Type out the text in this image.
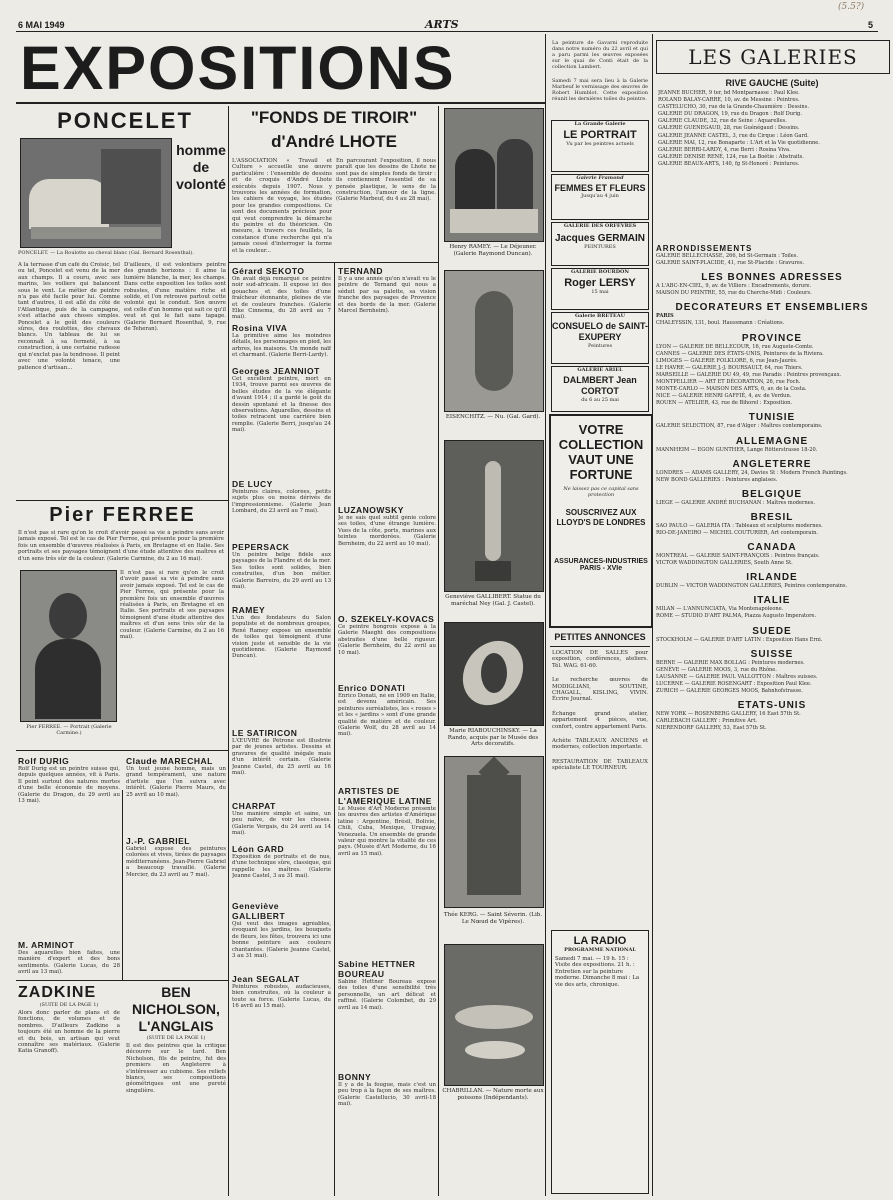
6 MAI 1949	ARTS	5
(5.5?)
EXPOSITIONS
PONCELET
homme de volonté
PONCELET. — La Roulotte au cheval blanc (Gal. Bernard Rosenthal).
A la terrasse d'un café du Croisic, tel ou tel, Poncelet est venu de la mer aux champs. Il a couru, avec ses marins, les voiliers qui balancent sous le vent. Le métier de peintre n'a pas été facile pour lui. Comme tant d'autres, il est allé du côté de l'Atlantique, puis de la campagne, s'est attaché aux choses simples. Poncelet a le goût des couleurs sûres, des roulottes, des chevaux blancs. Un tableau de lui se reconnaît à sa fermeté, à sa construction, à une certaine rudesse qui n'exclut pas la tendresse. Il peint avec une volonté tenace, une patience d'artisan...
D'ailleurs, il est volontiers peintre des grands horizons : il aime la lumière blanche, la mer, les champs. Dans cette exposition les toiles sont robustes, d'une matière riche et solide, et l'on retrouve partout cette volonté qui le conduit. Son œuvre est celle d'un homme qui sait ce qu'il veut et qui le fait sans tapage. (Galerie Bernard Rosenthal, 9, rue de Teheran).
Pier FERREE
Pier FERREE. — Portrait (Galerie Carmine.)
Il n'est pas si rare qu'on le croit d'avoir passé sa vie à peindre sans avoir jamais exposé. Tel est le cas de Pier Ferree, qui présente pour la première fois un ensemble d'œuvres réalisées à Paris, en Bretagne et en Italie. Ses portraits et ses paysages témoignent d'une étude attentive des maîtres et d'un sens très sûr de la couleur. (Galerie Carmine, du 2 au 16 mai).
Il n'est pas si rare qu'on le croit d'avoir passé sa vie à peindre sans avoir jamais exposé. Tel est le cas de Pier Ferree, qui présente pour la première fois un ensemble d'œuvres réalisées à Paris, en Bretagne et en Italie. Ses portraits et ses paysages témoignent d'une étude attentive des maîtres et d'un sens très sûr de la couleur. (Galerie Carmine, du 2 au 16 mai).
Rolf DURIG
Rolf Durig est un peintre suisse qui, depuis quelques années, vit à Paris. Il peint surtout des natures mortes d'une belle économie de moyens. (Galerie du Dragon, du 29 avril au 13 mai).
M. ARMINOT
Des aquarelles bien faites, une manière d'expert et des bons sentiments. (Galerie Lucas, du 28 avril au 13 mai).
Claude MARECHAL
Un tout jeune homme, mais un grand tempérament, une nature d'artiste que l'on suivra avec intérêt. (Galerie Pierre Maurs, du 25 avril au 10 mai).
J.-P. GABRIEL
Gabriel expose des peintures colorées et vives, tirées de paysages méditerranéens. Jean-Pierre Gabriel a beaucoup travaillé. (Galerie Mercier, du 23 avril au 7 mai).
ZADKINE
(SUITE DE LA PAGE 1)
Alors donc parler de plans et de fonctions, de volumes et de nombres. D'ailleurs Zadkine a toujours été un homme de la pierre et du bois, un artisan qui veut connaître ses matériaux. (Galerie Katia Granoff).
BEN NICHOLSON, L'ANGLAIS
(SUITE DE LA PAGE 1)
Il est des peintres que la critique découvre sur le tard. Ben Nicholson, fils de peintre, fut des premiers en Angleterre à s'intéresser au cubisme. Ses reliefs blancs, ses compositions géométriques ont une pureté singulière.
"FONDS DE TIROIR"
d'André LHOTE
L'ASSOCIATION « Travail et Culture » accueille une œuvre particulière : l'ensemble de dessins et de croquis d'André Lhote exécutés depuis 1907. Nous y trouvons les années de formation, les cahiers de voyage, les études pour les grandes compositions. Ce sont des documents précieux pour qui veut comprendre la démarche du peintre et du théoricien. On mesure, à travers ces feuillets, la constance d'une recherche qui n'a jamais cessé d'interroger la forme et la couleur...
En parcourant l'exposition, il nous paraît que les dessins de Lhote ne sont pas de simples fonds de tiroir : ils contiennent l'essentiel de sa pensée plastique, le sens de la construction, l'amour de la ligne. (Galerie Marbeuf, du 4 au 28 mai).
Gérard SEKOTO
On avait déjà remarqué ce peintre noir sud-africain. Il expose ici des gouaches et des toiles d'une fraîcheur étonnante, pleines de vie et de couleurs franches. (Galerie Elke Cinnema, du 28 avril au 7 mai).
Rosina VIVA
La primitive aime les moindres détails, les personnages en pied, les arbres, les maisons. Un monde naïf et charmant. (Galerie Berri-Lardy).
Georges JEANNIOT
Cet excellent peintre, mort en 1934, trouve parmi ses œuvres de belles études de la vie élégante d'avant 1914 ; il a gardé le goût du dessin spontané et la finesse des observations. Aquarelles, dessins et toiles retracent une carrière bien remplie. (Galerie Berri, jusqu'au 24 mai).
DE LUCY
Peintures claires, colorées, petits sujets plus ou moins dérivés de l'impressionnisme. (Galerie Jean Lombard, du 23 avril au 7 mai).
PEPERSACK
Un peintre belge fidèle aux paysages de la Flandre et de la mer. Ses toiles sont solides, bien construites, d'un bon métier. (Galerie Barreiro, du 29 avril au 13 mai).
RAMEY
L'un des fondateurs du Salon populiste et de nombreux groupes, René Ramey expose un ensemble de toiles qui témoignent d'une vision juste et sensible de la vie quotidienne. (Galerie Raymond Duncan).
LE SATIRICON
L'ŒUVRE de Pétrone est illustrée par de jeunes artistes. Dessins et gravures de qualité inégale mais d'un intérêt certain. (Galerie Jeanne Castel, du 25 avril au 16 mai).
CHARPAT
Une manière simple et saine, un peu naïve, de voir les choses. (Galerie Vergais, du 24 avril au 14 mai).
Léon GARD
Exposition de portraits et de nus, d'une technique sûre, classique, qui rappelle les maîtres. (Galerie Jeanne Castel, 3 au 31 mai).
Geneviève GALLIBERT
Qui veut des images agréables, évoquant les jardins, les bouquets de fleurs, les fêtes, trouvera ici une bonne peinture aux couleurs chantantes. (Galerie Jeanne Castel, 3 au 31 mai).
Jean SEGALAT
Peintures robustes, audacieuses, bien construites, où la couleur a toute sa force. (Galerie Lucas, du 16 avril au 15 mai).
TERNAND
Il y a une année qu'on n'avait vu le peintre de Ternand qui nous a séduit par sa palette, sa vision franche des paysages de Provence et des bords de la mer. (Galerie Marcel Bernheim).
LUZANOWSKY
Je ne sais quel subtil génie colore ses toiles, d'une étrange lumière. Vues de la côte, ports, marines aux teintes mordorées. (Galerie Bernheim, du 22 avril au 10 mai).
O. SZEKELY-KOVACS
Ce peintre hongrois expose à la Galerie Maeght des compositions abstraites d'une belle rigueur. (Galerie Bernheim, du 22 avril au 10 mai).
Enrico DONATI
Enrico Donati, né en 1909 en Italie, est devenu américain. Ses peintures surréalistes, les « roues » et les « jardins » sont d'une grande qualité de matière et de couleur. (Galerie Wolf, du 28 avril au 14 mai).
ARTISTES DE L'AMERIQUE LATINE
Le Musée d'Art Moderne présente les œuvres des artistes d'Amérique latine : Argentine, Brésil, Bolivie, Chili, Cuba, Mexique, Uruguay, Venezuela. Un ensemble de grande valeur qui montre la vitalité de ces pays. (Musée d'Art Moderne, du 16 avril au 15 mai).
Sabine HETTNER BOUREAU
Sabine Hettner Boureau expose des toiles d'une sensibilité très personnelle, un art délicat et raffiné. (Galerie Colombet, du 29 avril au 14 mai).
BONNY
Il y a de la fougue, mais c'est un peu trop à la façon de ses maîtres. (Galerie Castellucio, 30 avril-18 mai).
Henry RAMEY. — Le Déjeuner. (Galerie Raymond Duncan).
EISENCHITZ. — Nu. (Gal. Gard).
Geneviève GALLIBERT. Statue du maréchal Ney (Gal. J. Castel).
Marie RIABOUCHINSKY. — La Rando, acquis par le Musée des Arts décoratifs.
Thée KERG. — Saint Séverin. (Lib. Le Nœud de Vipères).
CHABRILLAN. — Nature morte aux poissons (Indépendants).
La peinture de Gavarni reproduite dans notre numéro du 22 avril et qui a paru parmi les œuvres exposées sur le quai de Conti était de la collection Lambert.
Samedi 7 mai sera lieu à la Galerie Marbeuf le vernissage des œuvres de Robert Humblot. Cette exposition réunit les dernières toiles du peintre.
La Grande Galerie
LE PORTRAIT
Vu par les peintres actuels
Galerie Framond
FEMMES ET FLEURS
Jusqu'au 4 juin
GALERIE DES ORFÈVRES
Jacques GERMAIN
PEINTURES
GALERIE BOURDON
Roger LERSY
15 mai
Galerie BRETEAU
CONSUELO de SAINT-EXUPERY
Peintures
GALERIE ARIEL
DALMBERT Jean CORTOT
du 6 au 25 mai
VOTRE COLLECTION VAUT UNE FORTUNE
Ne laissez pas ce capital sans protection
SOUSCRIVEZ AUX LLOYD'S DE LONDRES
ASSURANCES-INDUSTRIES
PARIS - XVIe
PETITES ANNONCES
LOCATION DE SALLES pour exposition, conférences, ateliers. Tél. WAG. 61-60.
Le recherche œuvres de MODIGLIANI, SOUTINE, CHAGALL, KISLING, VIVIN. Écrire Journal.
Échange grand atelier, appartement 4 pièces, vue, confort, contre appartement Paris.
Achète TABLEAUX ANCIENS et modernes, collection importante.
RESTAURATION DE TABLEAUX spécialiste LE TOURNEUR.
LA RADIO
PROGRAMME NATIONAL
Samedi 7 mai. — 19 h. 15 : Visite des expositions. 21 h. : Entretien sur la peinture moderne. Dimanche 8 mai : La vie des arts, chronique.
LES GALERIES
RIVE GAUCHE (Suite)
JEANNE BUCHER, 9 ter, bd Montparnasse : Paul Klee.
ROLAND BALAY-CARRE, 10, av. de Messine : Peintres.
CASTELUCHO, 30, rue de la Grande-Chaumière : Dessins.
GALERIE DU DRAGON, 19, rue du Dragon : Rolf Durig.
GALERIE CLAUDE, 32, rue de Seine : Aquarelles.
GALERIE GUENEGAUD, 28, rue Guénégaud : Dessins.
GALERIE JEANNE CASTEL, 3, rue du Cirque : Léon Gard.
GALERIE MAI, 12, rue Bonaparte : L'Art et la Vie quotidienne.
GALERIE BERRI-LARDY, 4, rue Berri : Rosina Viva.
GALERIE DENISE RENÉ, 124, rue La Boétie : Abstraits.
GALERIE BEAUX-ARTS, 140, fg St-Honoré : Peintures.
ARRONDISSEMENTS
GALERIE BELLECHASSE, 266, bd St-Germain : Toiles.
GALERIE SAINT-PLACIDE, 41, rue St-Placide : Gravures.
LES BONNES ADRESSES
A L'ABC-EN-CIEL, 9, av. de Villiers : Encadrements, dorure.
MAISON DU PEINTRE, 55, rue du Cherche-Midi : Couleurs.
DECORATEURS ET ENSEMBLIERS
PARIS
CHALEYSSIN, 131, boul. Haussmann : Créations.
PROVINCE
LYON — GALERIE DE BELLECOUR, 16, rue Auguste-Comte.
CANNES — GALERIE DES ÉTATS-UNIS, Peintures de la Riviera.
LIMOGES — GALERIE FOLKLORE, 6, rue Jean-Jaurès.
LE HAVRE — GALERIE J.-J. BOURSAULT, 64, rue Thiers.
MARSEILLE — GALERIE DU 49, 49, rue Paradis : Peintres provençaux.
MONTPELLIER — ART ET DÉCORATION, 26, rue Foch.
MONTE-CARLO — MAISON DES ARTS, 6, av. de la Costa.
NICE — GALERIE HENRI GAFFIÉ, 4, av. de Verdun.
ROUEN — ATELIER, 43, rue de Bihorel : Exposition.
TUNISIE
GALERIE SELECTION, 87, rue d'Alger : Maîtres contemporains.
ALLEMAGNE
MANNHEIM — EGON GUNTHER, Lange Rötterstrasse 18-20.
ANGLETERRE
LONDRES — ADAMS GALLERY, 24, Davies St : Modern French Paintings.
NEW BOND GALLERIES : Peintures anglaises.
BELGIQUE
LIEGE — GALERIE ANDRÉ BUCHANAN : Maîtres modernes.
BRESIL
SAO PAULO — GALERIA ITA : Tableaux et sculptures modernes.
RIO-DE-JANEIRO — MICHEL COUTURIER, Art contemporain.
CANADA
MONTREAL — GALERIE SAINT-FRANÇOIS : Peintres français.
VICTOR WADDINGTON GALLERIES, South Anne St.
IRLANDE
DUBLIN — VICTOR WADDINGTON GALLERIES, Peintres contemporains.
ITALIE
MILAN — L'ANNUNCIATA, Via Montenapoleone.
ROME — STUDIO D'ART PALMA, Piazza Augusto Imperatore.
SUEDE
STOCKHOLM — GALERIE D'ART LATIN : Exposition Hans Erni.
SUISSE
BERNE — GALERIE MAX BOLLAG : Peintures modernes.
GENÈVE — GALERIE MOOS, 3, rue du Rhône.
LAUSANNE — GALERIE PAUL VALLOTTON : Maîtres suisses.
LUCERNE — GALERIE ROSENGART : Exposition Paul Klee.
ZURICH — GALERIE GEORGES MOOS, Bahnhofstrasse.
ETATS-UNIS
NEW YORK — ROSENBERG GALLERY, 16 East 57th St.
CARLEBACH GALLERY : Primitive Art.
NIERENDORF GALLERY, 53, East 57th St.
